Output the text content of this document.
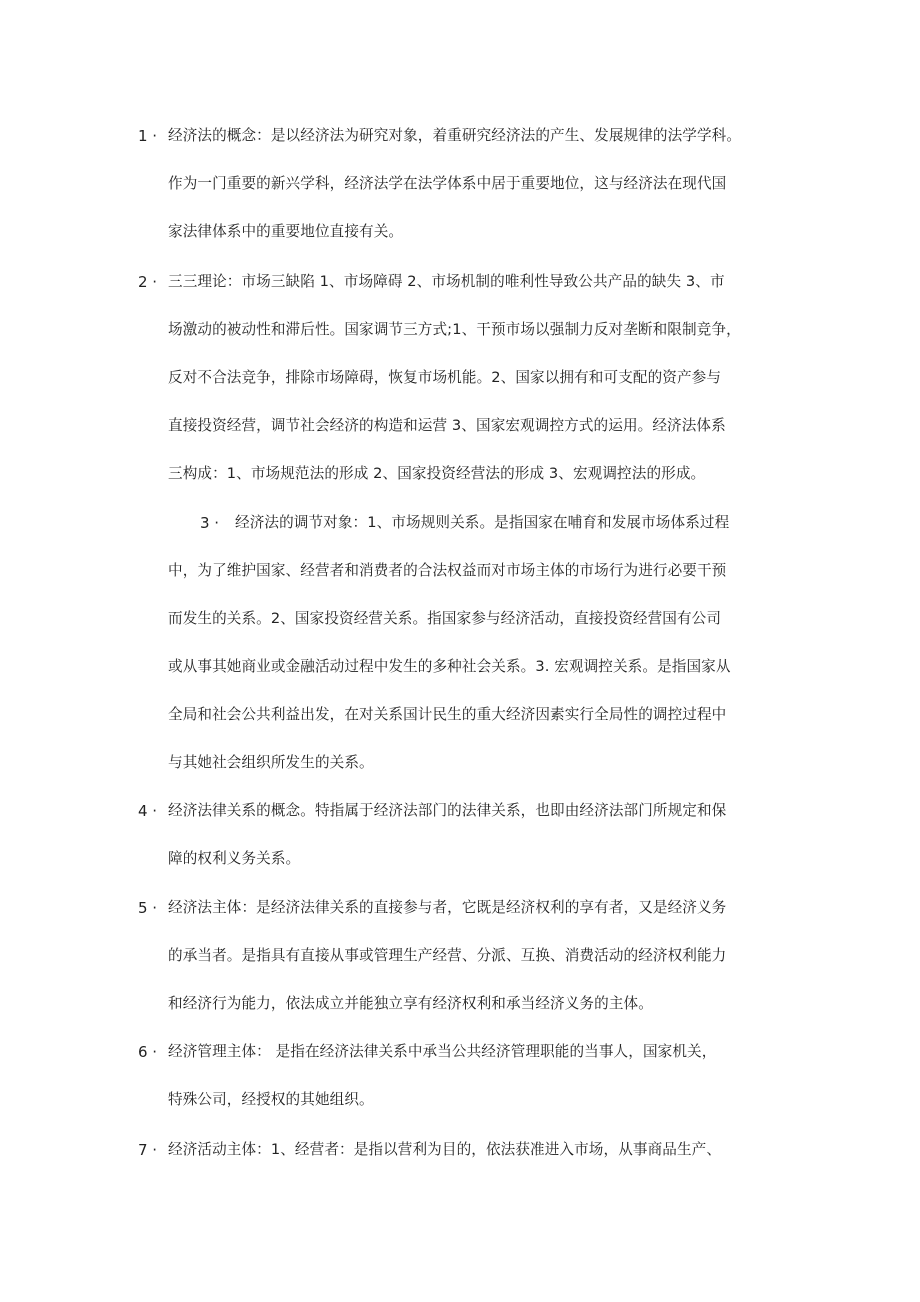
1 · 经济法的概念：是以经济法为研究对象，着重研究经济法的产生、发展规律的法学学科。
作为一门重要的新兴学科，经济法学在法学体系中居于重要地位，这与经济法在现代国
家法律体系中的重要地位直接有关。
2 · 三三理论：市场三缺陷 1、市场障碍 2、市场机制的唯利性导致公共产品的缺失 3、市
场激动的被动性和滞后性。国家调节三方式;1、干预市场以强制力反对垄断和限制竞争，
反对不合法竞争，排除市场障碍，恢复市场机能。2、国家以拥有和可支配的资产参与
直接投资经营，调节社会经济的构造和运营 3、国家宏观调控方式的运用。经济法体系
三构成：1、市场规范法的形成 2、国家投资经营法的形成 3、宏观调控法的形成。
3 ·	经济法的调节对象：1、市场规则关系。是指国家在哺育和发展市场体系过程
中，为了维护国家、经营者和消费者的合法权益而对市场主体的市场行为进行必要干预
而发生的关系。2、国家投资经营关系。指国家参与经济活动，直接投资经营国有公司
或从事其她商业或金融活动过程中发生的多种社会关系。3. 宏观调控关系。是指国家从
全局和社会公共利益出发，在对关系国计民生的重大经济因素实行全局性的调控过程中
与其她社会组织所发生的关系。
4 · 经济法律关系的概念。特指属于经济法部门的法律关系，也即由经济法部门所规定和保
障的权利义务关系。
5 · 经济法主体：是经济法律关系的直接参与者，它既是经济权利的享有者，又是经济义务
的承当者。是指具有直接从事或管理生产经营、分派、互换、消费活动的经济权利能力
和经济行为能力，依法成立并能独立享有经济权利和承当经济义务的主体。
6 · 经济管理主体： 是指在经济法律关系中承当公共经济管理职能的当事人，国家机关，
特殊公司，经授权的其她组织。
7 · 经济活动主体：1、经营者：是指以营利为目的，依法获准进入市场，从事商品生产、
